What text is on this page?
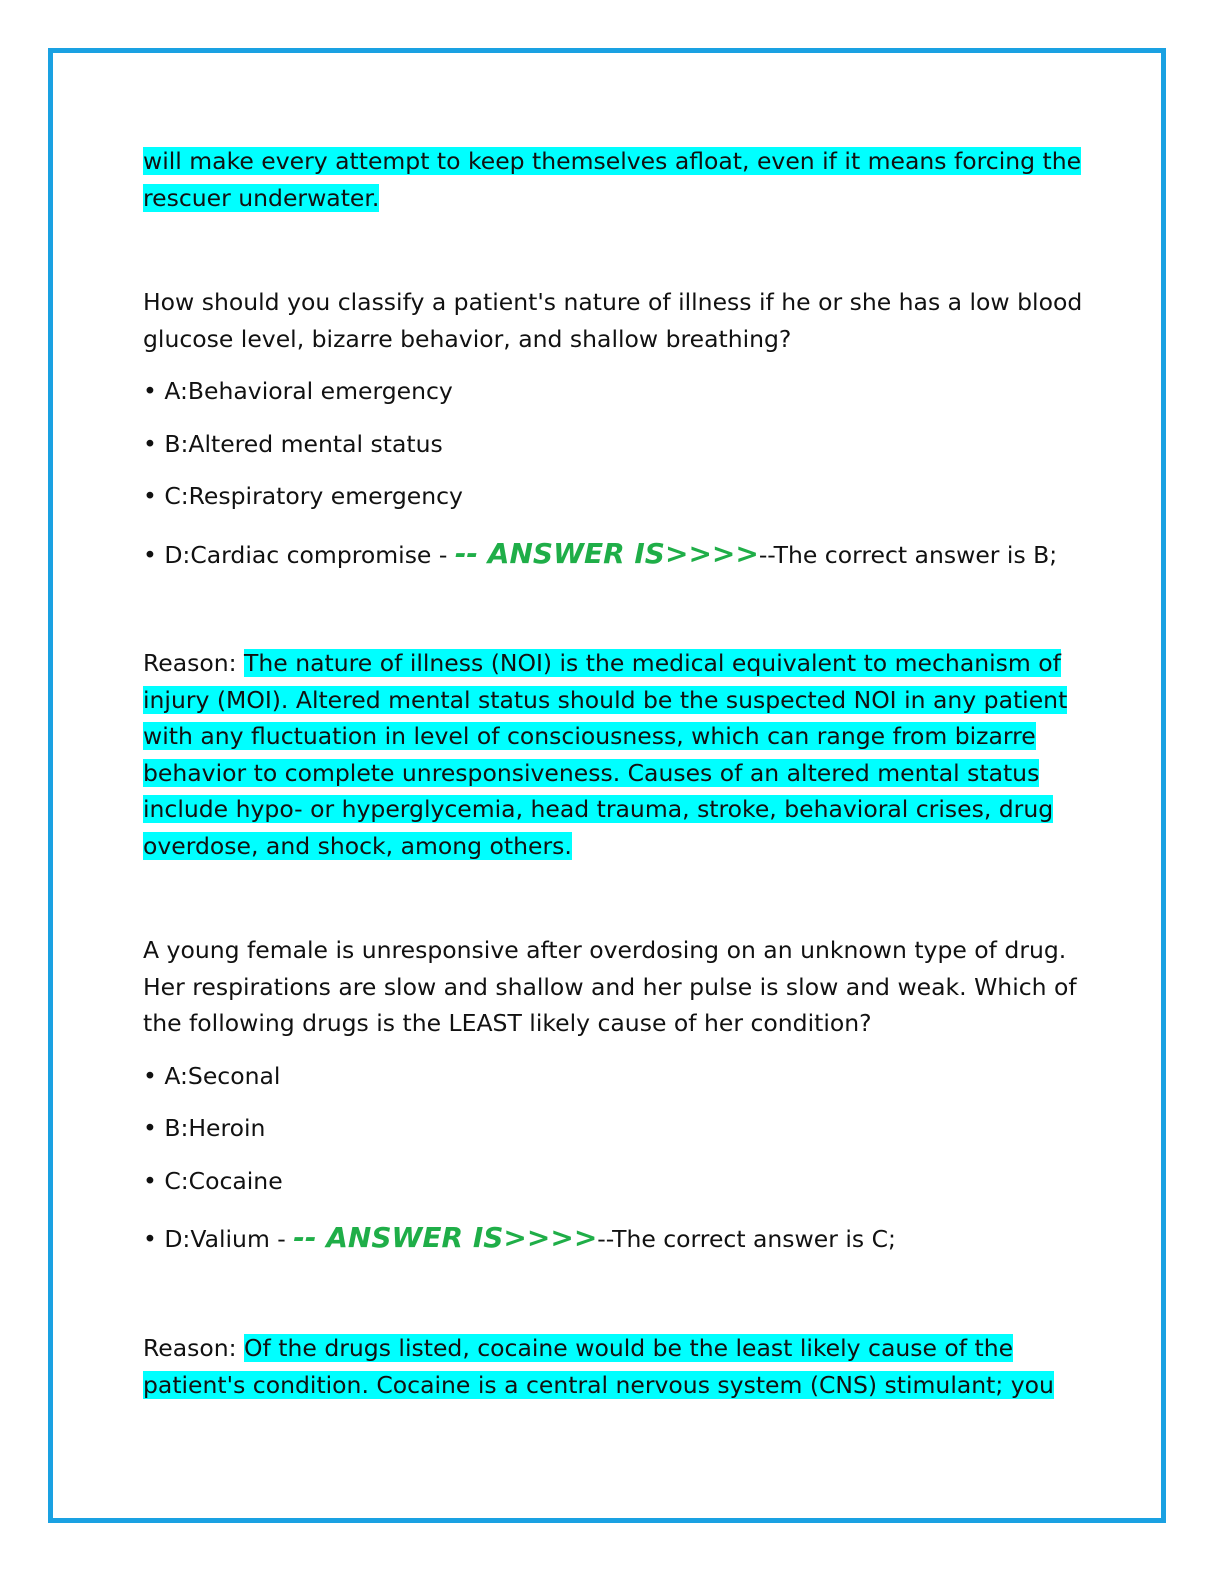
will make every attempt to keep themselves afloat, even if it means forcing the
rescuer underwater.
How should you classify a patient's nature of illness if he or she has a low blood
glucose level, bizarre behavior, and shallow breathing?
• A:Behavioral emergency
• B:Altered mental status
• C:Respiratory emergency
• D:Cardiac compromise - -- ANSWER IS>>>>--The correct answer is B;
Reason: The nature of illness (NOI) is the medical equivalent to mechanism of
injury (MOI). Altered mental status should be the suspected NOI in any patient
with any fluctuation in level of consciousness, which can range from bizarre
behavior to complete unresponsiveness. Causes of an altered mental status
include hypo- or hyperglycemia, head trauma, stroke, behavioral crises, drug
overdose, and shock, among others.
A young female is unresponsive after overdosing on an unknown type of drug.
Her respirations are slow and shallow and her pulse is slow and weak. Which of
the following drugs is the LEAST likely cause of her condition?
• A:Seconal
• B:Heroin
• C:Cocaine
• D:Valium - -- ANSWER IS>>>>--The correct answer is C;
Reason: Of the drugs listed, cocaine would be the least likely cause of the
patient's condition. Cocaine is a central nervous system (CNS) stimulant; you
